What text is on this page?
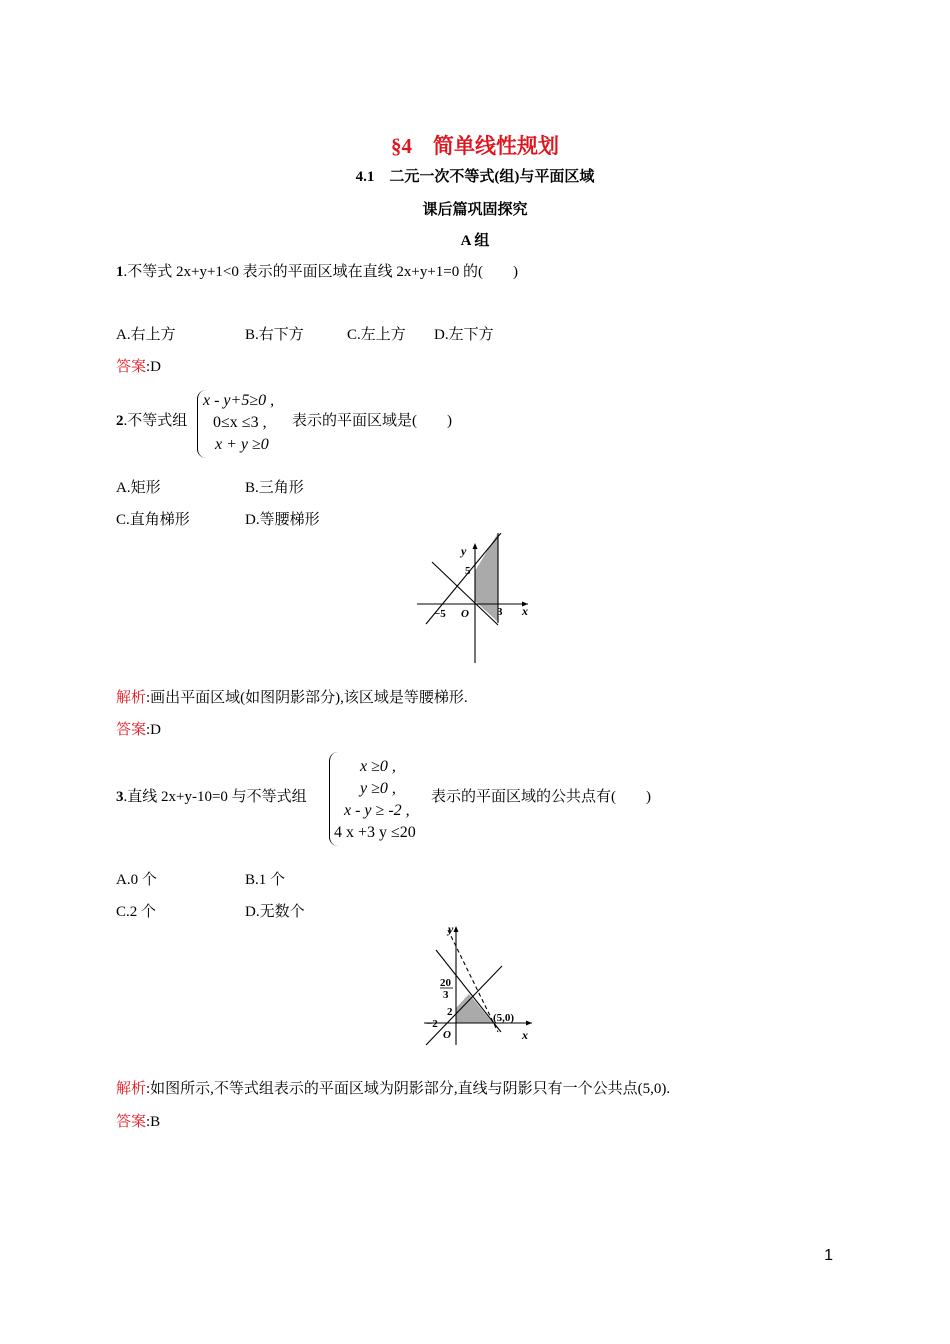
§4　简单线性规划
4.1　二元一次不等式(组)与平面区域
课后篇巩固探究
A 组
1.不等式 2x+y+1<0 表示的平面区域在直线 2x+y+1=0 的(　　)
A.右上方	B.右下方	C.左上方 D.左下方
答案:D
2.不等式组
x - y+5≥0 ,
0≤x ≤3 ,
x + y ≥0
表示的平面区域是(　　)
A.矩形	B.三角形
C.直角梯形	D.等腰梯形
y
5
−5 O	3 x
解析:画出平面区域(如图阴影部分),该区域是等腰梯形.
答案:D
3.直线 2x+y-10=0 与不等式组
x ≥0 ,
y ≥0 ,
x - y ≥ -2 ,
4 x +3 y ≤20
表示的平面区域的公共点有(　　)
A.0 个	B.1 个
C.2 个	D.无数个
y
20
3
2
−2
O
(5,0)
x
解析:如图所示,不等式组表示的平面区域为阴影部分,直线与阴影只有一个公共点(5,0).
答案:B
1
